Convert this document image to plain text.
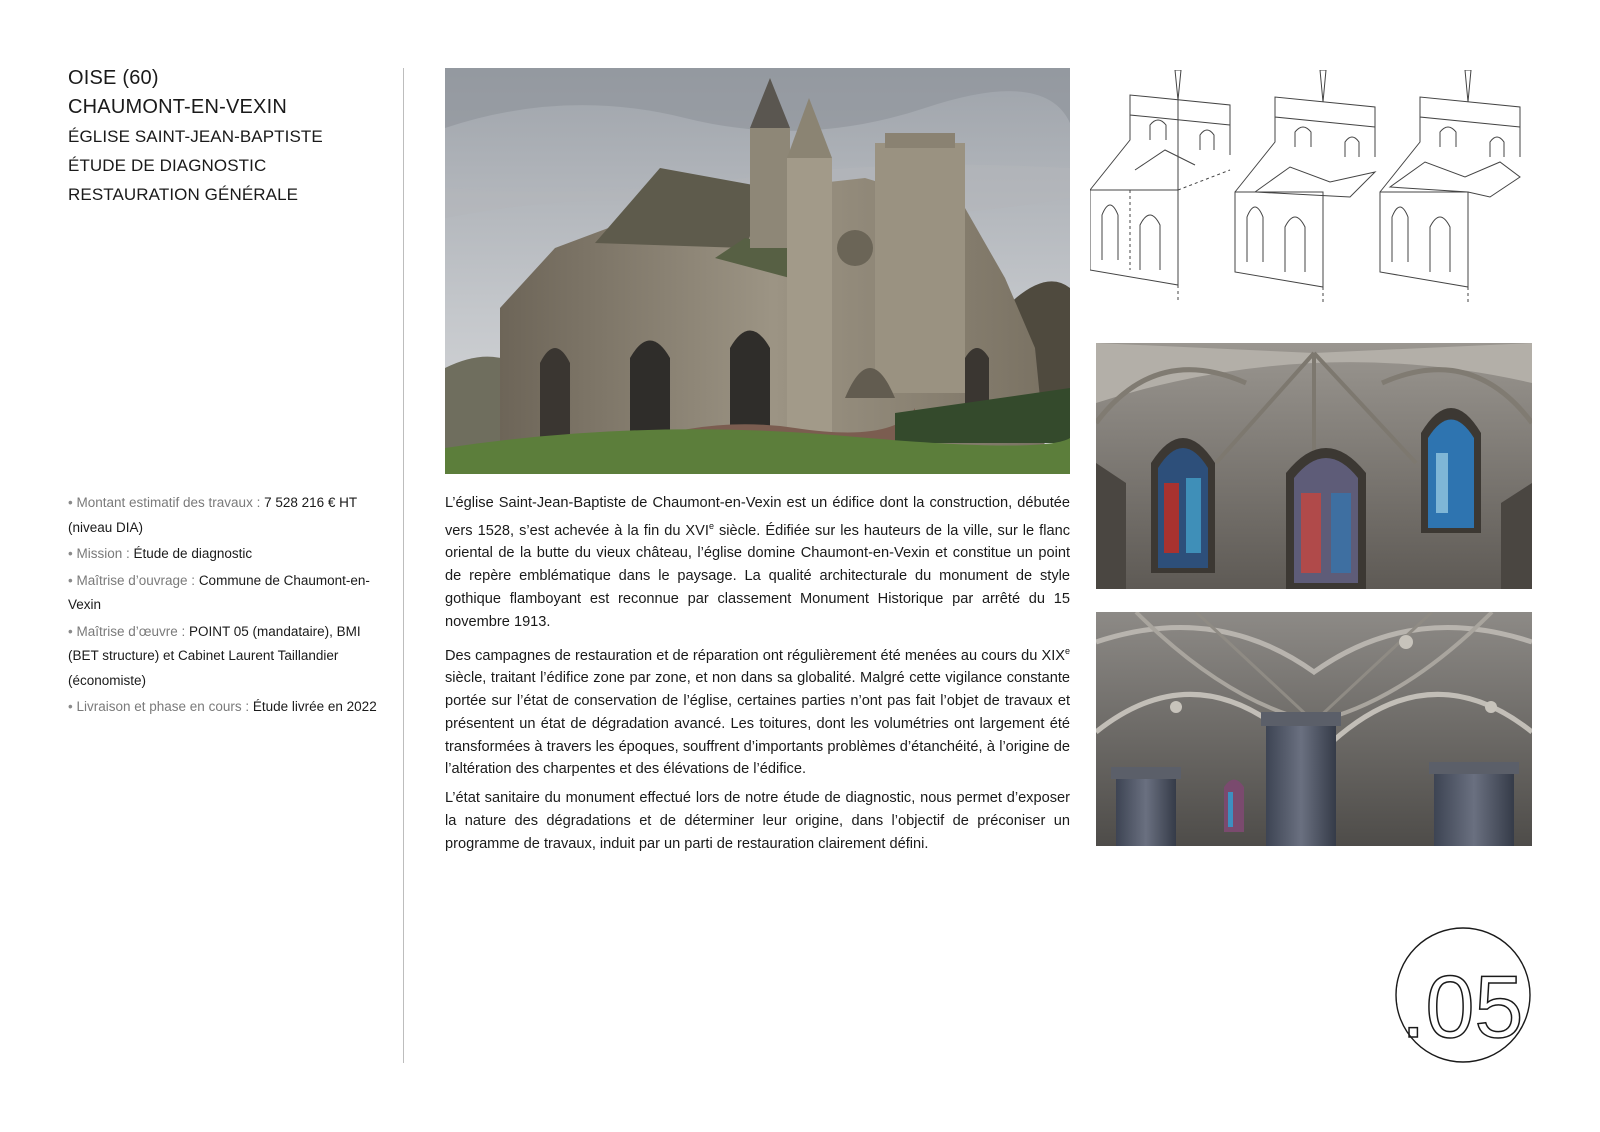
OISE (60)
CHAUMONT-EN-VEXIN
ÉGLISE SAINT-JEAN-BAPTISTE
ÉTUDE DE DIAGNOSTIC
RESTAURATION GÉNÉRALE
• Montant estimatif des travaux : 7 528 216 € HT (niveau DIA)
• Mission : Étude de diagnostic
• Maîtrise d’ouvrage : Commune de Chaumont-en-Vexin
• Maîtrise d’œuvre : POINT 05 (mandataire), BMI (BET structure) et Cabinet Laurent Taillandier (économiste)
• Livraison et phase en cours : Étude livrée en 2022

L’église Saint-Jean-Baptiste de Chaumont-en-Vexin est un édifice dont la construction, débutée vers 1528, s’est achevée à la fin du XVIe siècle. Édifiée sur les hauteurs de la ville, sur le flanc oriental de la butte du vieux château, l’église domine Chaumont-en-Vexin et constitue un point de repère emblématique dans le paysage. La qualité architecturale du monument de style gothique flamboyant est reconnue par classement Monument Historique par arrêté du 15 novembre 1913.

Des campagnes de restauration et de réparation ont régulièrement été menées au cours du XIXe siècle, traitant l’édifice zone par zone, et non dans sa globalité. Malgré cette vigilance constante portée sur l’état de conservation de l’église, certaines parties n’ont pas fait l’objet de travaux et présentent un état de dégradation avancé. Les toitures, dont les volumétries ont largement été transformées à travers les époques, souffrent d’importants problèmes d’étanchéité, à l’origine de l’altération des charpentes et des élévations de l’édifice.

L’état sanitaire du monument effectué lors de notre étude de diagnostic, nous permet d’exposer la nature des dégradations et de déterminer leur origine, dans l’objectif de préconiser un programme de travaux, induit par un parti de restauration clairement défini.

.05
